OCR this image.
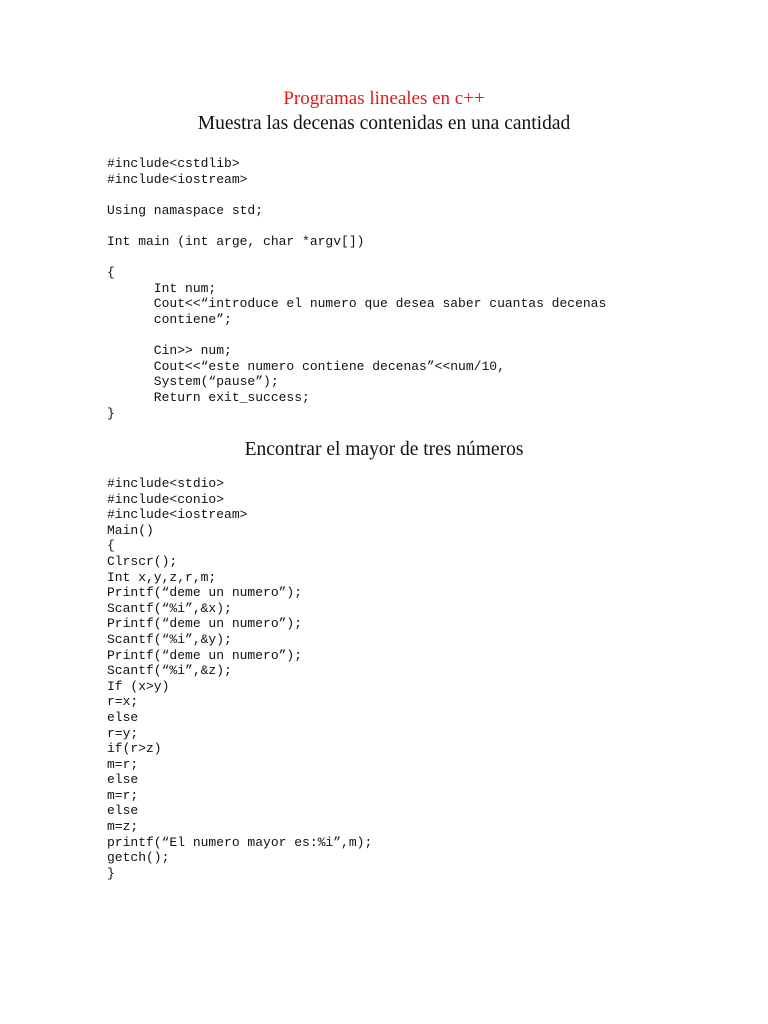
Programas lineales en c++
Muestra las decenas contenidas en una cantidad
#include<cstdlib>
#include<iostream>
Using namaspace std;
Int main (int arge, char *argv[])
{
Int num;
Cout<<“introduce el numero que desea saber cuantas decenas
contiene”;
Cin>> num;
Cout<<“este numero contiene decenas”<<num/10,
System(“pause”);
Return exit_success;
}
Encontrar el mayor de tres números
#include<stdio>
#include<conio>
#include<iostream>
Main()
{
Clrscr();
Int x,y,z,r,m;
Printf(“deme un numero”);
Scantf(“%i”,&x);
Printf(“deme un numero”);
Scantf(“%i”,&y);
Printf(“deme un numero”);
Scantf(“%i”,&z);
If (x>y)
r=x;
else
r=y;
if(r>z)
m=r;
else
m=r;
else
m=z;
printf(“El numero mayor es:%i”,m);
getch();
}
